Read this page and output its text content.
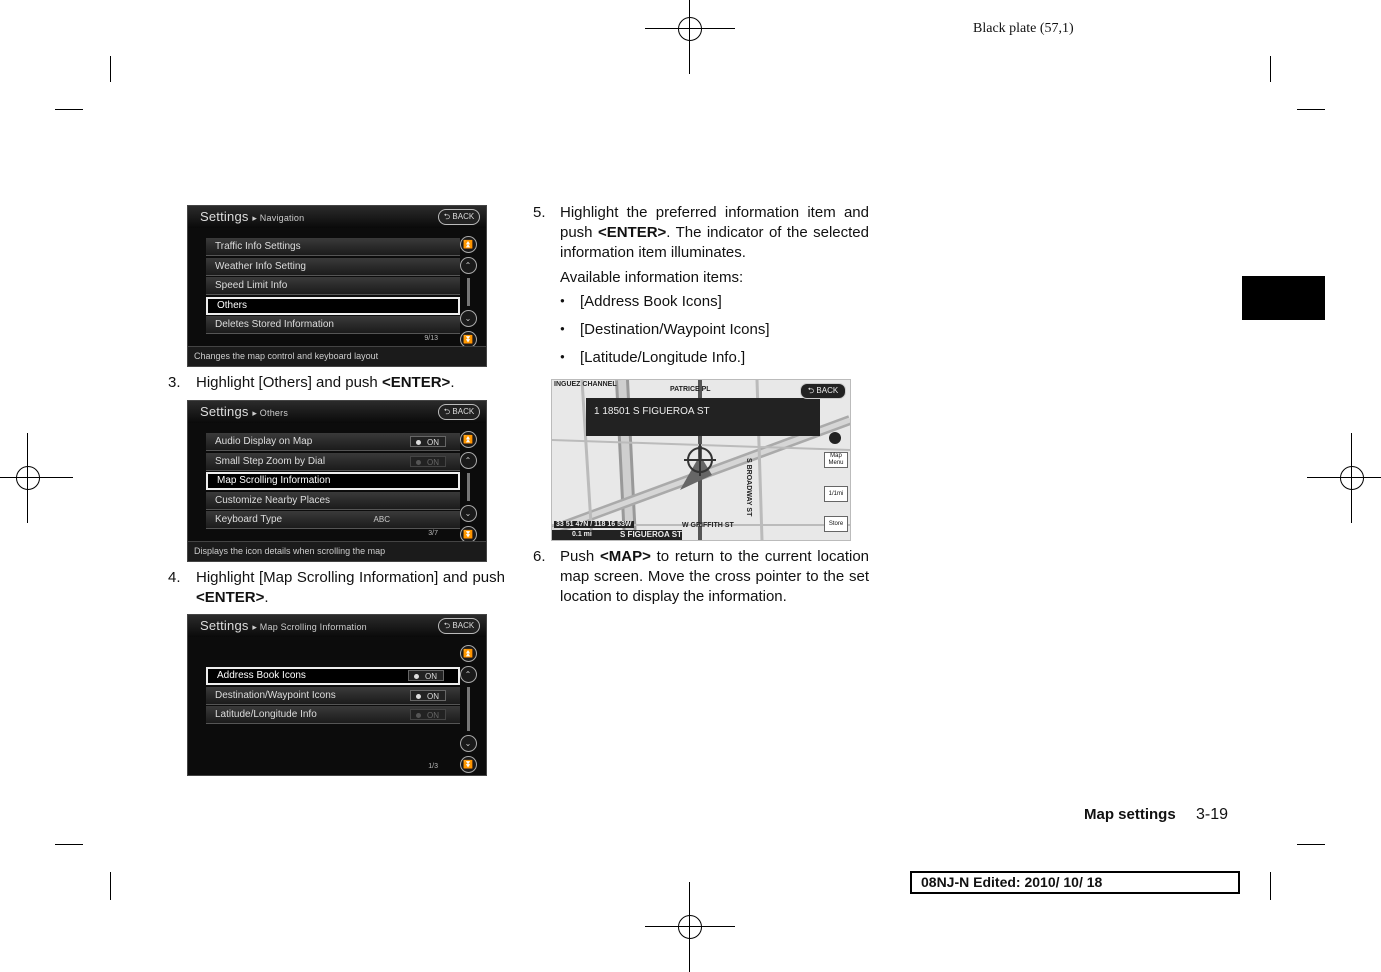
Black plate (57,1)
Settings ▸ Navigation	⮌ BACK
Traffic Info Settings
Weather Info Setting
Speed Limit Info
Others
Deletes Stored Information
⏫
⌃
⌄
⏬
9/13
Changes the map control and keyboard layout
3. Highlight [Others] and push <ENTER>.
Settings ▸ Others	⮌ BACK
Audio Display on Map	ON
Small Step Zoom by Dial	ON
Map Scrolling Information
Customize Nearby Places
Keyboard Type	ABC
⏫
⌃
⌄
⏬
3/7
Displays the icon details when scrolling the map
4. Highlight [Map Scrolling Information] and push <ENTER>.
Settings ▸ Map Scrolling Information	⮌ BACK
Address Book Icons	ON
Destination/Waypoint Icons	ON
Latitude/Longitude Info	ON
⏫
⌃
⌄
⏬
1/3
5. Highlight the preferred information item and push <ENTER>. The indicator of the selected information item illuminates.
Available information items:
● [Address Book Icons]
● [Destination/Waypoint Icons]
● [Latitude/Longitude Info.]
INGUEZ CHANNEL
PATRICE PL
1 18501 S FIGUEROA ST
S BROADWAY ST
W GRIFFITH ST
33 51 47N / 118 16 53W
0.1 mi	S FIGUEROA ST
⮌ BACK
Map Menu
1/1mi
Store
6. Push <MAP> to return to the current location map screen. Move the cross pointer to the set location to display the information.
Map settings 3-19
08NJ-N Edited: 2010/ 10/ 18
